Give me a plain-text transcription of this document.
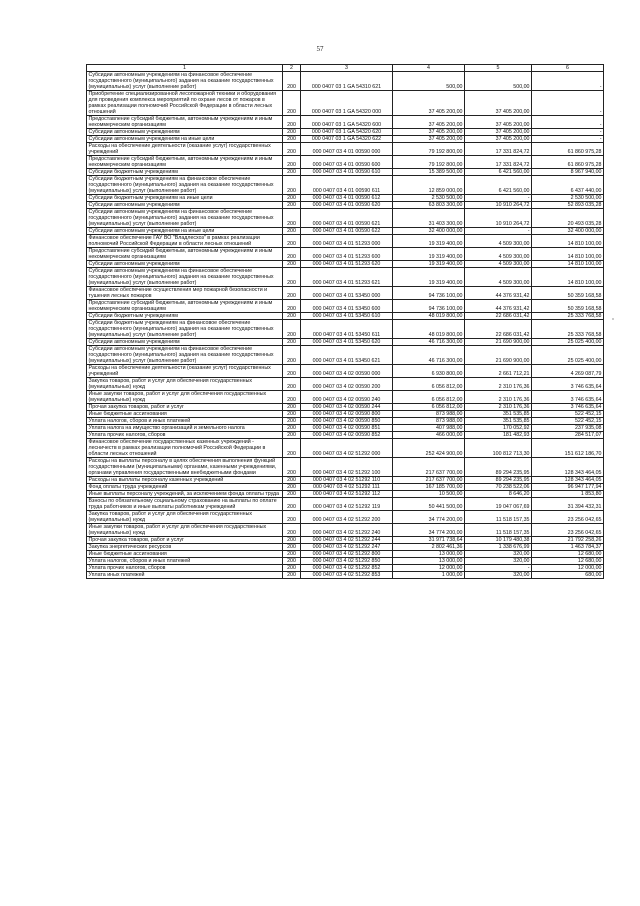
57
1	2	3	4	5	6
Субсидии автономным учреждениям на финансовое обеспечение государственного (муниципального) задания на оказание государственных (муниципальных) услуг (выполнение работ)	200	000 0407 03 1 GA 54310 621	500,00	500,00	-
Приобретение специализированной лесопожарной техники и оборудования для проведения комплекса мероприятий по охране лесов от пожаров в рамках реализации полномочий Российской Федерации в области лесных отношений	200	000 0407 03 1 GA 54320 000	37 405 200,00	37 405 200,00	-
Предоставление субсидий бюджетным, автономным учреждениям и иным некоммерческим организациям	200	000 0407 03 1 GA 54320 600	37 405 200,00	37 405 200,00	-
Субсидии автономным учреждениям	200	000 0407 03 1 GA 54320 620	37 405 200,00	37 405 200,00	-
Субсидии автономным учреждениям на иные цели	200	000 0407 03 1 GA 54320 622	37 405 200,00	37 405 200,00	-
Расходы на обеспечение деятельности (оказание услуг) государственных учреждений	200	000 0407 03 4 01 00590 000	79 192 800,00	17 331 824,72	61 860 975,28
Предоставление субсидий бюджетным, автономным учреждениям и иным некоммерческим организациям	200	000 0407 03 4 01 00590 600	79 192 800,00	17 331 824,72	61 860 975,28
Субсидии бюджетным учреждениям	200	000 0407 03 4 01 00590 610	15 389 500,00	6 421 560,00	8 967 940,00
Субсидии бюджетным учреждениям на финансовое обеспечение государственного (муниципального) задания на оказание государственных (муниципальных) услуг (выполнение работ)	200	000 0407 03 4 01 00590 611	12 859 000,00	6 421 560,00	6 437 440,00
Субсидии бюджетным учреждениям на иные цели	200	000 0407 03 4 01 00590 612	2 530 500,00	-	2 530 500,00
Субсидии автономным учреждениям	200	000 0407 03 4 01 00590 620	63 803 300,00	10 910 264,72	52 893 035,28
Субсидии автономным учреждениям на финансовое обеспечение государственного (муниципального) задания на оказание государственных (муниципальных) услуг (выполнение работ)	200	000 0407 03 4 01 00590 621	31 403 300,00	10 910 264,72	20 493 035,28
Субсидии автономным учреждениям на иные цели	200	000 0407 03 4 01 00590 622	32 400 000,00	-	32 400 000,00
Финансовое обеспечение ГАУ ВО "Владлесхоз" в рамках реализации полномочий Российской Федерации в области лесных отношений	200	000 0407 03 4 01 51293 000	19 319 400,00	4 509 300,00	14 810 100,00
Предоставление субсидий бюджетным, автономным учреждениям и иным некоммерческим организациям	200	000 0407 03 4 01 51293 600	19 319 400,00	4 509 300,00	14 810 100,00
Субсидии автономным учреждениям	200	000 0407 03 4 01 51293 620	19 319 400,00	4 509 300,00	14 810 100,00
Субсидии автономным учреждениям на финансовое обеспечение государственного (муниципального) задания на оказание государственных (муниципальных) услуг (выполнение работ)	200	000 0407 03 4 01 51293 621	19 319 400,00	4 509 300,00	14 810 100,00
Финансовое обеспечение осуществления мер пожарной безопасности и тушения лесных пожаров	200	000 0407 03 4 01 53450 000	94 736 100,00	44 376 931,42	50 359 168,58
Предоставление субсидий бюджетным, автономным учреждениям и иным некоммерческим организациям	200	000 0407 03 4 01 53450 600	94 736 100,00	44 376 931,42	50 359 168,58
Субсидии бюджетным учреждениям	200	000 0407 03 4 01 53450 610	48 019 800,00	22 686 031,42	25 333 768,58
Субсидии бюджетным учреждениям на финансовое обеспечение государственного (муниципального) задания на оказание государственных (муниципальных) услуг (выполнение работ)	200	000 0407 03 4 01 53450 611	48 019 800,00	22 686 031,42	25 333 768,58
Субсидии автономным учреждениям	200	000 0407 03 4 01 53450 620	46 716 300,00	21 690 900,00	25 025 400,00
Субсидии автономным учреждениям на финансовое обеспечение государственного (муниципального) задания на оказание государственных (муниципальных) услуг (выполнение работ)	200	000 0407 03 4 01 53450 621	46 716 300,00	21 690 900,00	25 025 400,00
Расходы на обеспечение деятельности (оказание услуг) государственных учреждений	200	000 0407 03 4 02 00590 000	6 930 800,00	2 661 712,21	4 269 087,79
Закупка товаров, работ и услуг для обеспечения государственных (муниципальных) нужд	200	000 0407 03 4 02 00590 200	6 056 812,00	2 310 176,36	3 746 635,64
Иные закупки товаров, работ и услуг для обеспечения государственных (муниципальных) нужд	200	000 0407 03 4 02 00590 240	6 056 812,00	2 310 176,36	3 746 635,64
Прочая закупка товаров, работ и услуг	200	000 0407 03 4 02 00590 244	6 056 812,00	2 310 176,36	3 746 635,64
Иные бюджетные ассигнования	200	000 0407 03 4 02 00590 800	873 988,00	351 535,85	522 452,15
Уплата налогов, сборов и иных платежей	200	000 0407 03 4 02 00590 850	873 988,00	351 535,85	522 452,15
Уплата налога на имущество организаций и земельного налога	200	000 0407 03 4 02 00590 851	407 988,00	170 052,92	237 935,08
Уплата прочих налогов, сборов	200	000 0407 03 4 02 00590 852	466 000,00	181 482,93	284 517,07
Финансовое обеспечение государственных казенных учреждений - лесничеств в рамках реализации полномочий Российской Федерации в области лесных отношений	200	000 0407 03 4 02 51292 000	252 424 900,00	100 812 713,30	151 612 186,70
Расходы на выплаты персоналу в целях обеспечения выполнения функций государственными (муниципальными) органами, казенными учреждениями, органами управления государственными внебюджетными фондами	200	000 0407 03 4 02 51292 100	217 637 700,00	89 294 235,95	128 343 464,05
Расходы на выплаты персоналу казенных учреждений	200	000 0407 03 4 02 51292 110	217 637 700,00	89 294 235,95	128 343 464,05
Фонд оплаты труда учреждений	200	000 0407 03 4 02 51292 111	167 185 700,00	70 238 522,06	96 947 177,94
Иные выплаты персоналу учреждений, за исключением фонда оплаты труда	200	000 0407 03 4 02 51292 112	10 500,00	8 646,20	1 853,80
Взносы по обязательному социальному страхованию на выплаты по оплате труда работников и иные выплаты работникам учреждений	200	000 0407 03 4 02 51292 119	50 441 500,00	19 047 067,69	31 394 432,31
Закупка товаров, работ и услуг для обеспечения государственных (муниципальных) нужд	200	000 0407 03 4 02 51292 200	34 774 200,00	11 518 157,35	23 256 042,65
Иные закупки товаров, работ и услуг для обеспечения государственных (муниципальных) нужд	200	000 0407 03 4 02 51292 240	34 774 200,00	11 518 157,35	23 256 042,65
Прочая закупка товаров, работ и услуг	200	000 0407 03 4 02 51292 244	31 971 738,64	10 179 480,38	21 792 258,26
Закупка энергетических ресурсов	200	000 0407 03 4 02 51292 247	2 802 461,36	1 338 676,99	1 463 784,37
Иные бюджетные ассигнования	200	000 0407 03 4 02 51292 800	13 000,00	320,00	12 680,00
Уплата налогов, сборов и иных платежей	200	000 0407 03 4 02 51292 850	13 000,00	320,00	12 680,00
Уплата прочих налогов, сборов	200	000 0407 03 4 02 51292 852	12 000,00	-	12 000,00
Уплата иных платежей	200	000 0407 03 4 02 51292 853	1 000,00	320,00	680,00
